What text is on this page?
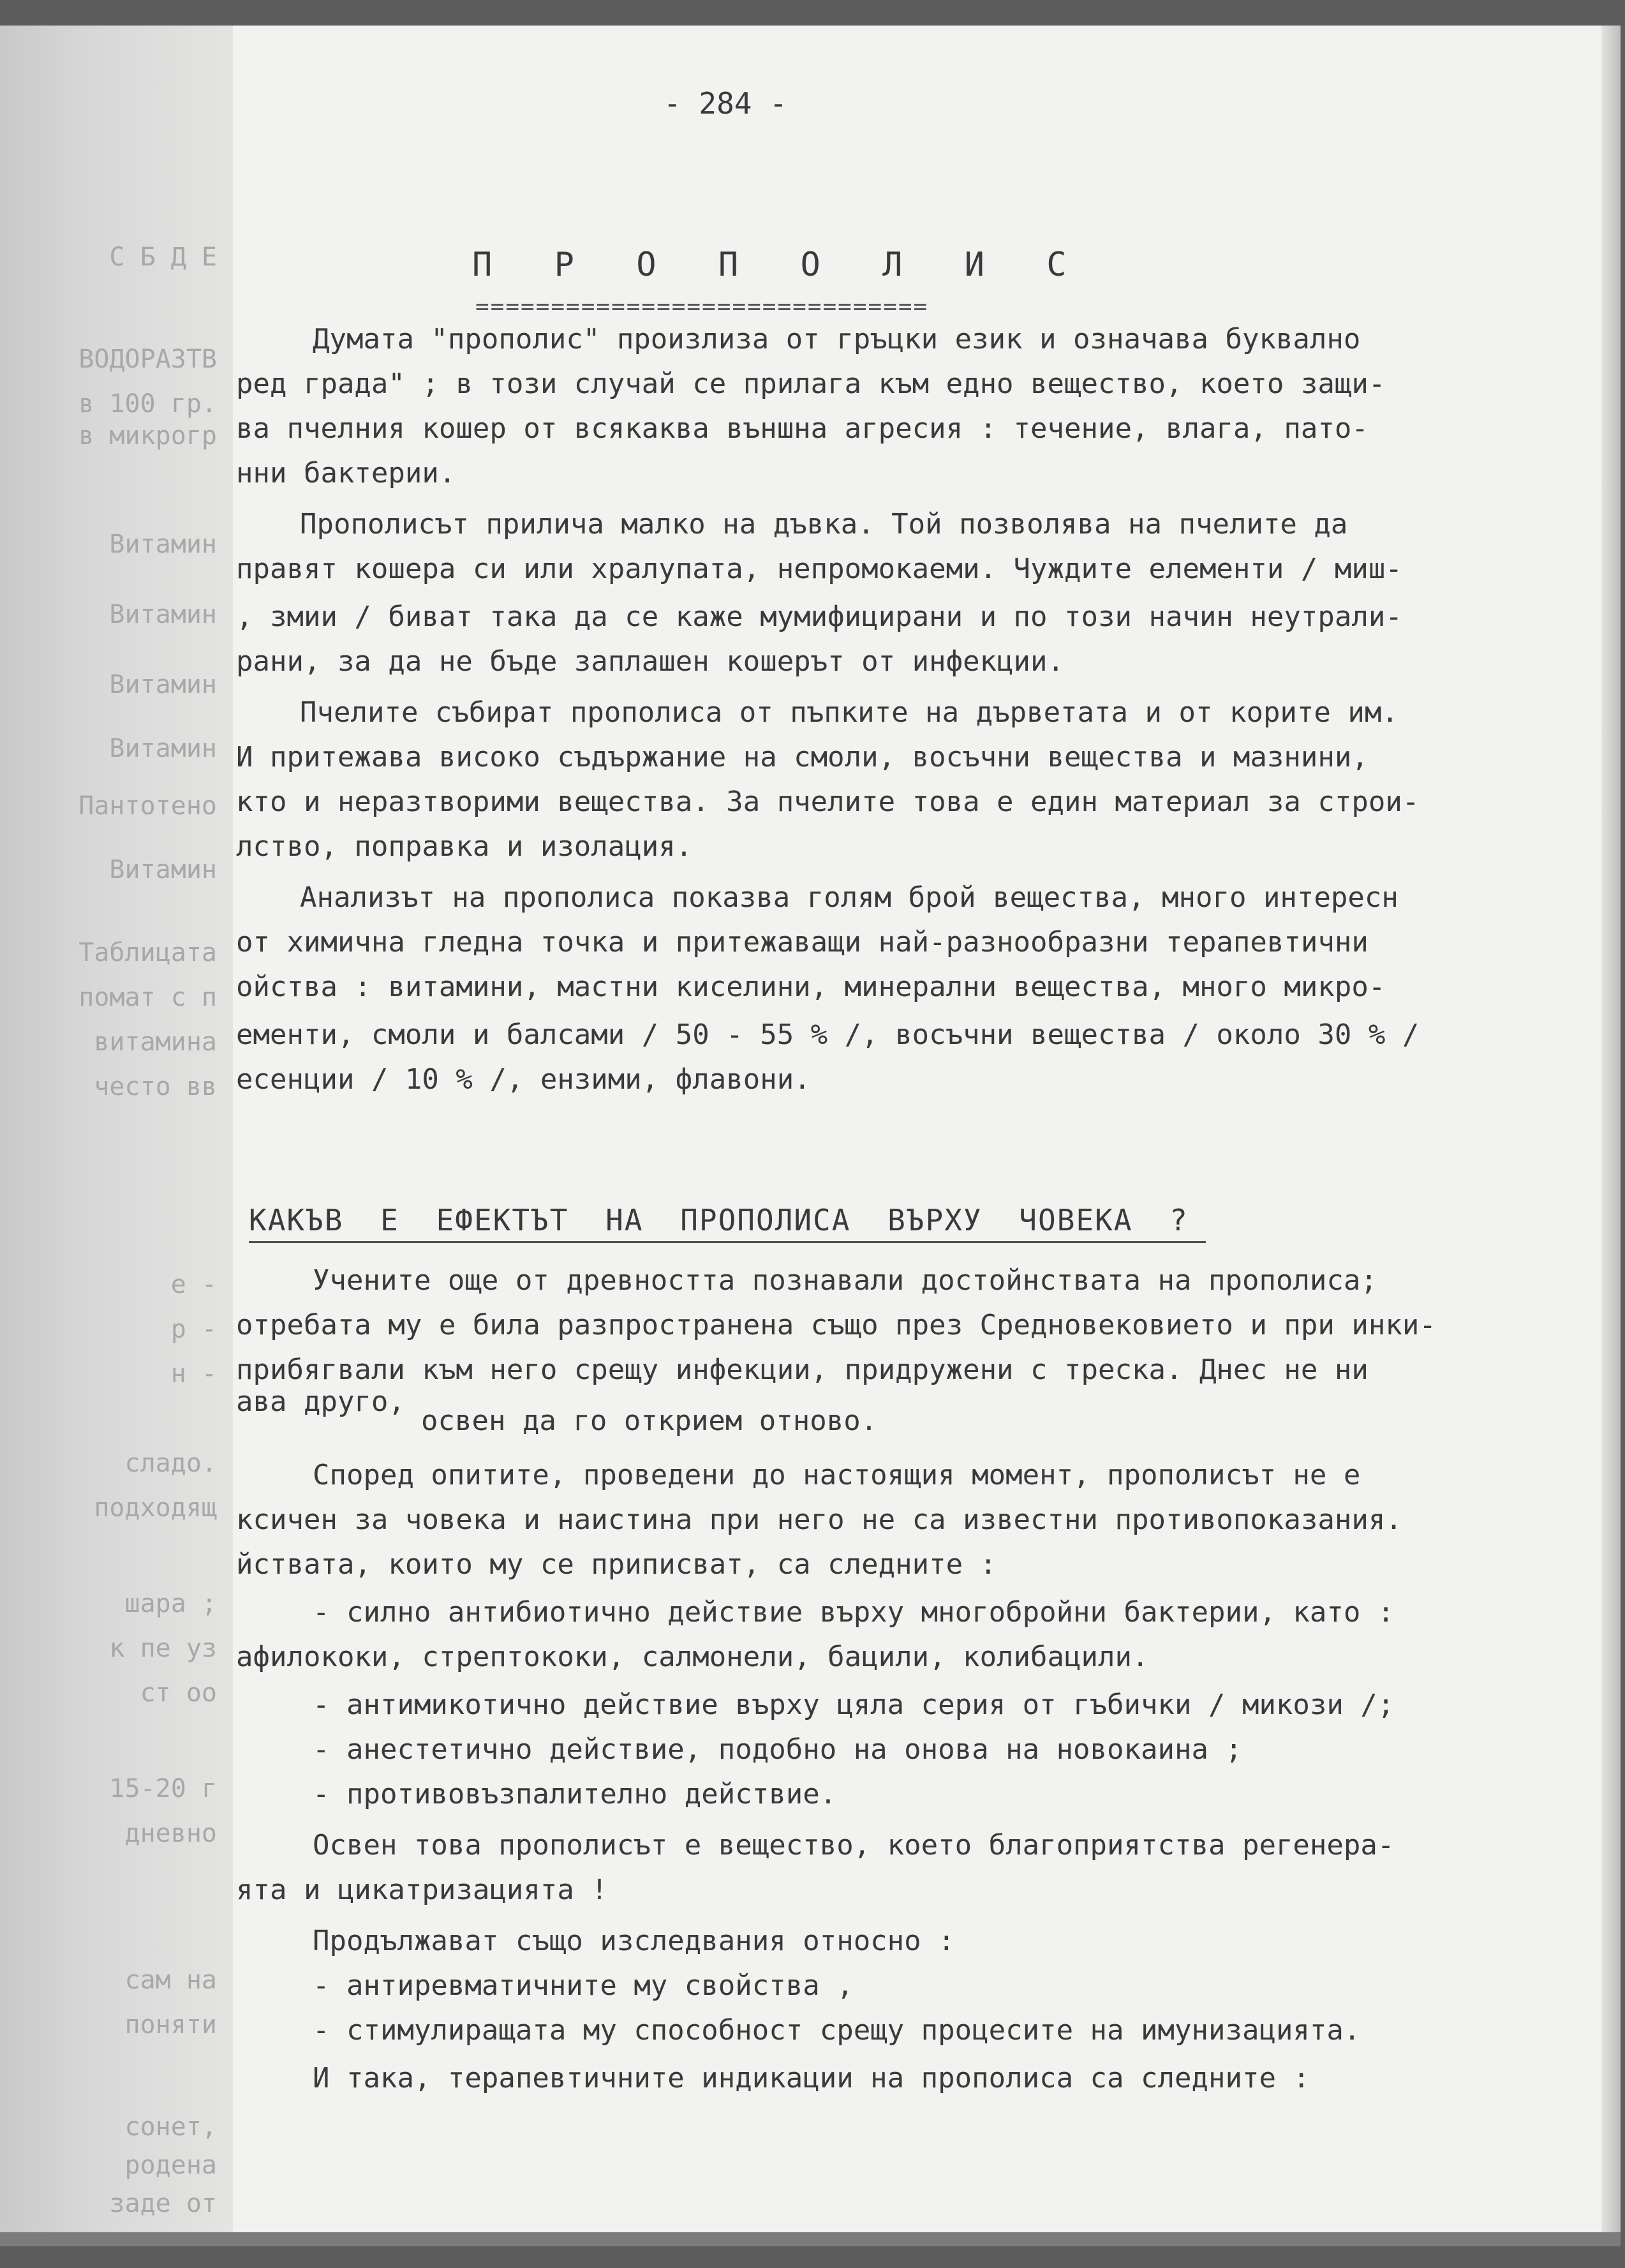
С Б Д Е
ВОДОРАЗТВ
в 100 гр.
в микрогр
Витамин
Витамин
Витамин
Витамин
Пантотено
Витамин
Таблицата
помат с п
витамина
често вв
е -
р -
н -
сладо.
подходящ
шара ;
к пе уз
ст оо
15-20 г
дневно
сам на
поняти
сонет,
родена
заде от
- 284 -
П Р О П О Л И С
==============================
Думата "прополис" произлиза от гръцки език и означава буквално
ред града" ; в този случай се прилага към едно вещество, което защи-
ва пчелния кошер от всякаква външна агресия : течение, влага, пато-
нни бактерии.
Прополисът прилича малко на дъвка. Той позволява на пчелите да
правят кошера си или хралупата, непромокаеми. Чуждите елементи / миш-
, змии / биват така да се каже мумифицирани и по този начин неутрали-
рани, за да не бъде заплашен кошерът от инфекции.
Пчелите събират прополиса от пъпките на дърветата и от корите им.
И притежава високо съдържание на смоли, восъчни вещества и мазнини,
кто и неразтворими вещества. За пчелите това е един материал за строи-
лство, поправка и изолация.
Анализът на прополиса показва голям брой вещества, много интересн
от химична гледна точка и притежаващи най-разнообразни терапевтични
ойства : витамини, мастни киселини, минерални вещества, много микро-
ементи, смоли и балсами / 50 - 55 % /, восъчни вещества / около 30 % /
есенции / 10 % /, ензими, флавони.
КАКЪВ Е ЕФЕКТЪТ НА ПРОПОЛИСА ВЪРХУ ЧОВЕКА ?
Учените още от древността познавали достойнствата на прополиса;
отребата му е била разпространена също през Средновековието и при инки-
прибягвали към него срещу инфекции, придружени с треска. Днес не ни
ава друго,
освен да го открием отново.
Според опитите, проведени до настоящия момент, прополисът не е
ксичен за човека и наистина при него не са известни противопоказания.
йствата, които му се приписват, са следните :
- силно антибиотично действие върху многобройни бактерии, като :
афилококи, стрептококи, салмонели, бацили, колибацили.
- антимикотично действие върху цяла серия от гъбички / микози /;
- анестетично действие, подобно на онова на новокаина ;
- противовъзпалително действие.
Освен това прополисът е вещество, което благоприятства регенера-
ята и цикатризацията !
Продължават също изследвания относно :
- антиревматичните му свойства ,
- стимулиращата му способност срещу процесите на имунизацията.
И така, терапевтичните индикации на прополиса са следните :
